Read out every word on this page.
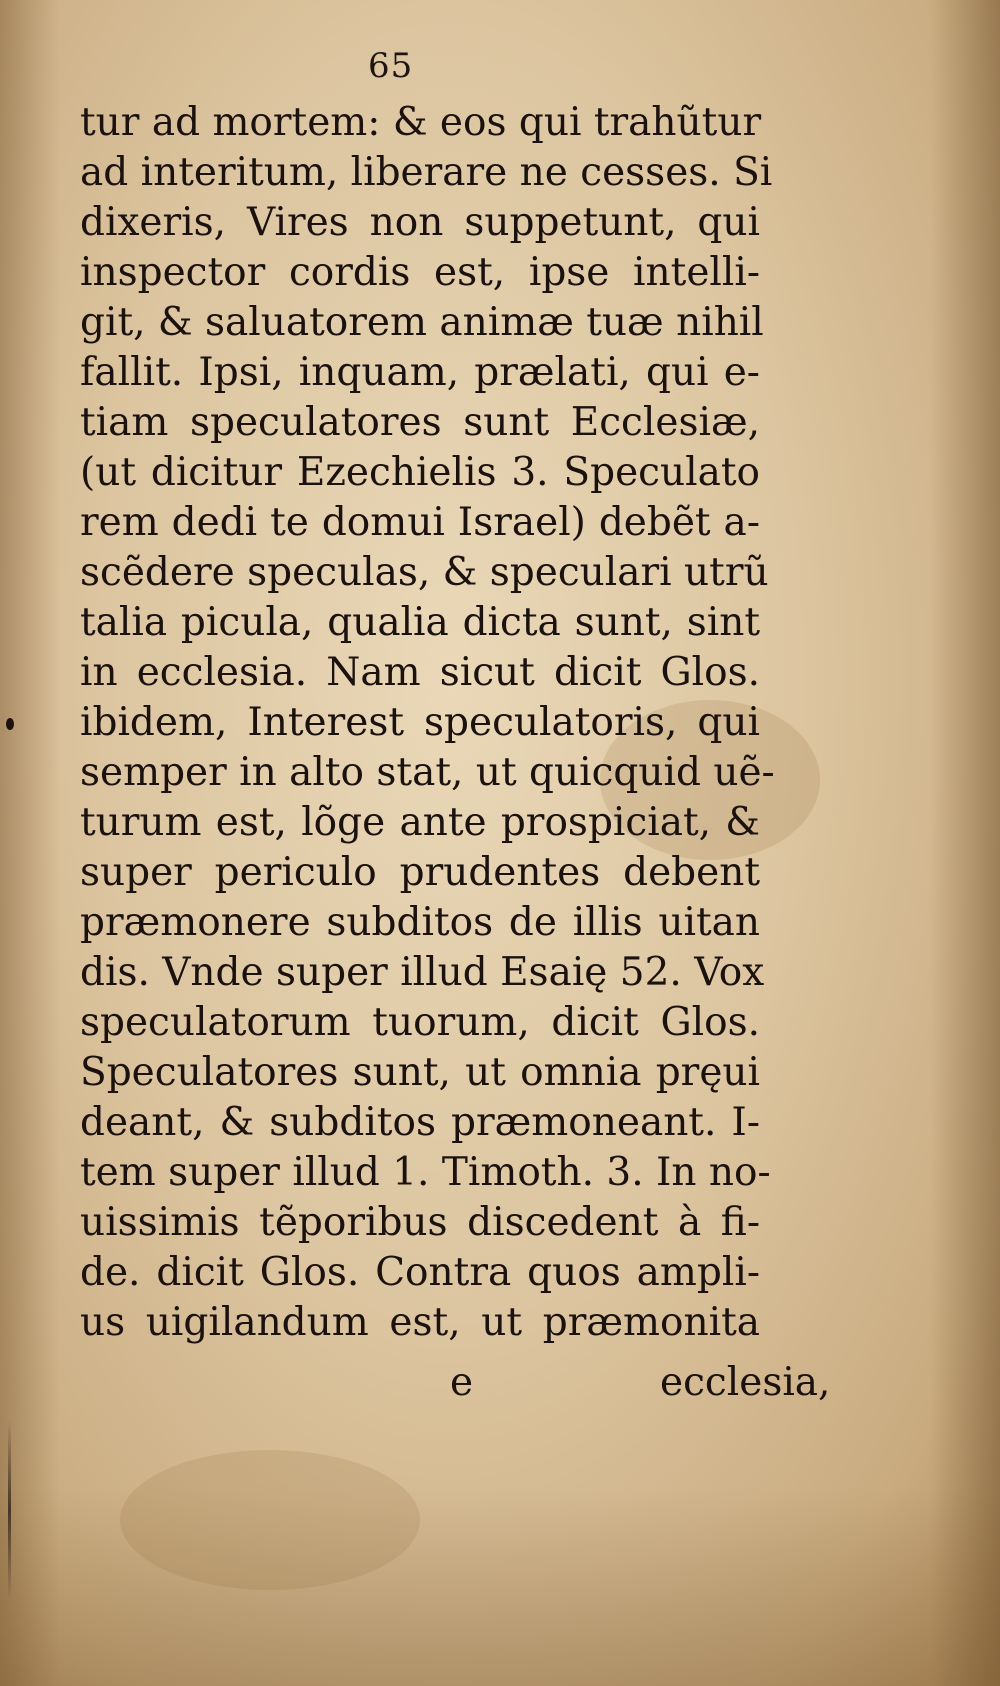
65
tur ad mortem: & eos qui trahũtur
ad interitum, liberare ne cesses. Si
dixeris, Vires non suppetunt, qui
inspector cordis est, ipse intelli-
git, & saluatorem animæ tuæ nihil
fallit. Ipsi, inquam, prælati, qui e-
tiam speculatores sunt Ecclesiæ,
(ut dicitur Ezechielis 3. Speculato
rem dedi te domui Israel) debẽt a-
scẽdere speculas, & speculari utrũ
talia picula, qualia dicta sunt, sint
in ecclesia. Nam sicut dicit Glos.
ibidem, Interest speculatoris, qui
semper in alto stat, ut quicquid uẽ-
turum est, lõge ante prospiciat, &
super periculo prudentes debent
præmonere subditos de illis uitan
dis. Vnde super illud Esaię 52. Vox
speculatorum tuorum, dicit Glos.
Speculatores sunt, ut omnia pręui
deant, & subditos præmoneant. I-
tem super illud 1. Timoth. 3. In no-
uissimis tẽporibus discedent à fi-
de. dicit Glos. Contra quos ampli-
us uigilandum est, ut præmonita
e	ecclesia,
